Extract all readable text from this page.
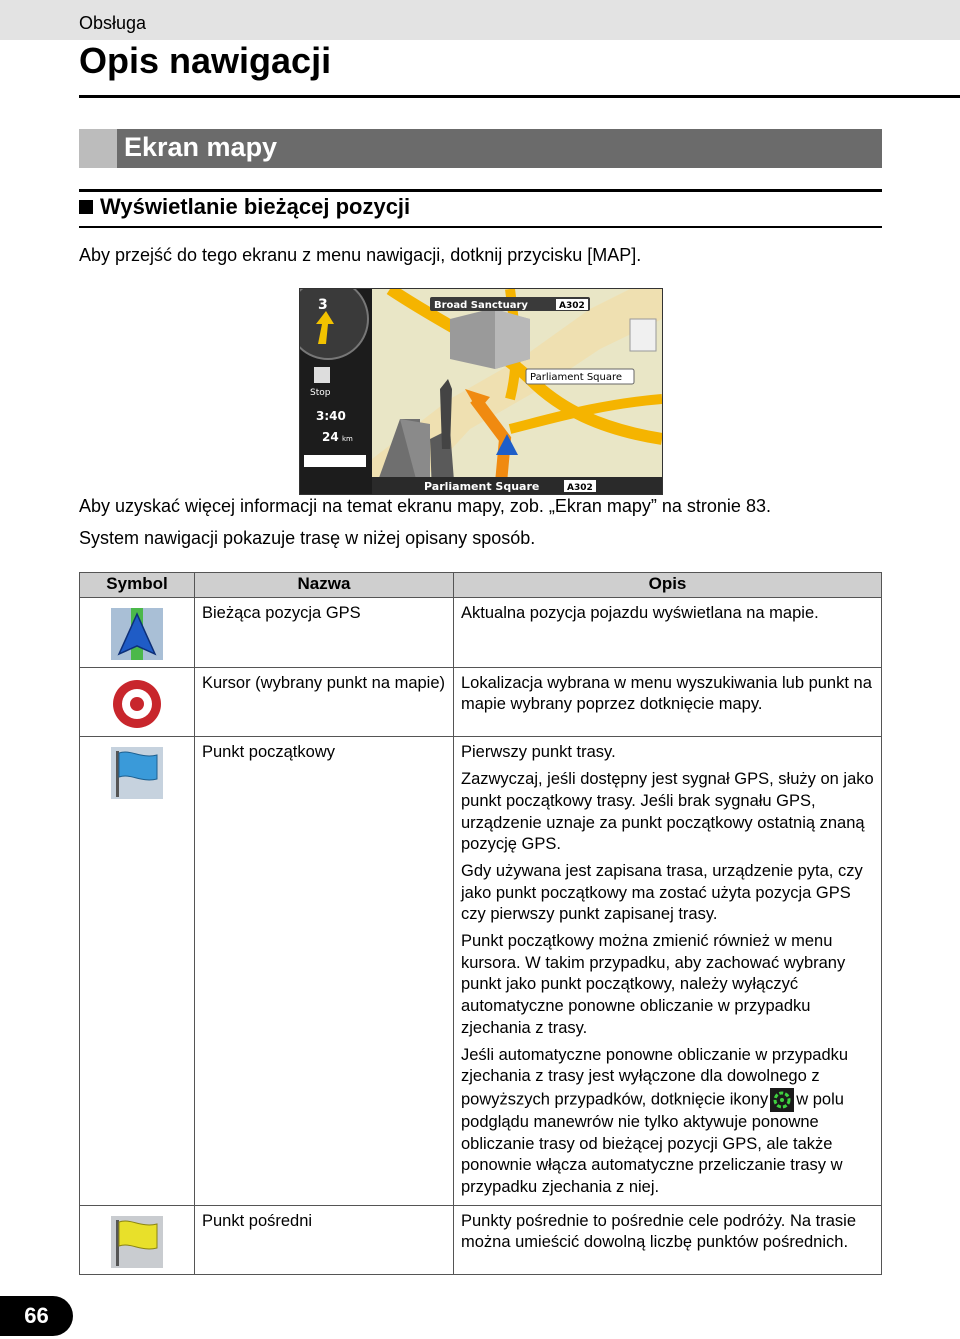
Obsługa
Opis nawigacji
Ekran mapy
Wyświetlanie bieżącej pozycji
Aby przejść do tego ekranu z menu nawigacji, dotknij przycisku [MAP].
3
Stop
3:40
24 km
Broad Sanctuary	A302
Parliament Square
Parliament Square	A302
Aby uzyskać więcej informacji na temat ekranu mapy, zob. „Ekran mapy” na stronie 83.
System nawigacji pokazuje trasę w niżej opisany sposób.
Symbol	Nazwa	Opis
	Bieżąca pozycja GPS	Aktualna pozycja pojazdu wyświetlana na mapie.

	Kursor (wybrany punkt na mapie)	Lokalizacja wybrana w menu wyszukiwania lub punkt na mapie wybrany poprzez dotknięcie mapy.

	Punkt początkowy	Pierwszy punkt trasy.

Zazwyczaj, jeśli dostępny jest sygnał GPS, służy on jako punkt początkowy trasy. Jeśli brak sygnału GPS, urządzenie uznaje za punkt początkowy ostatnią znaną pozycję GPS.

Gdy używana jest zapisana trasa, urządzenie pyta, czy jako punkt początkowy ma zostać użyta pozycja GPS czy pierwszy punkt zapisanej trasy.

Punkt początkowy można zmienić również w menu kursora. W takim przypadku, aby zachować wybrany punkt jako punkt początkowy, należy wyłączyć automatyczne ponowne obliczanie w przypadku zjechania z trasy.

Jeśli automatyczne ponowne obliczanie w przypadku zjechania z trasy jest wyłączone dla dowolnego z powyższych przypadków, dotknięcie ikony w polu podglądu manewrów nie tylko aktywuje ponowne obliczanie trasy od bieżącej pozycji GPS, ale także ponownie włącza automatyczne przeliczanie trasy w przypadku zjechania z niej.

	Punkt pośredni	Punkty pośrednie to pośrednie cele podróży. Na trasie można umieścić dowolną liczbę punktów pośrednich.

66
